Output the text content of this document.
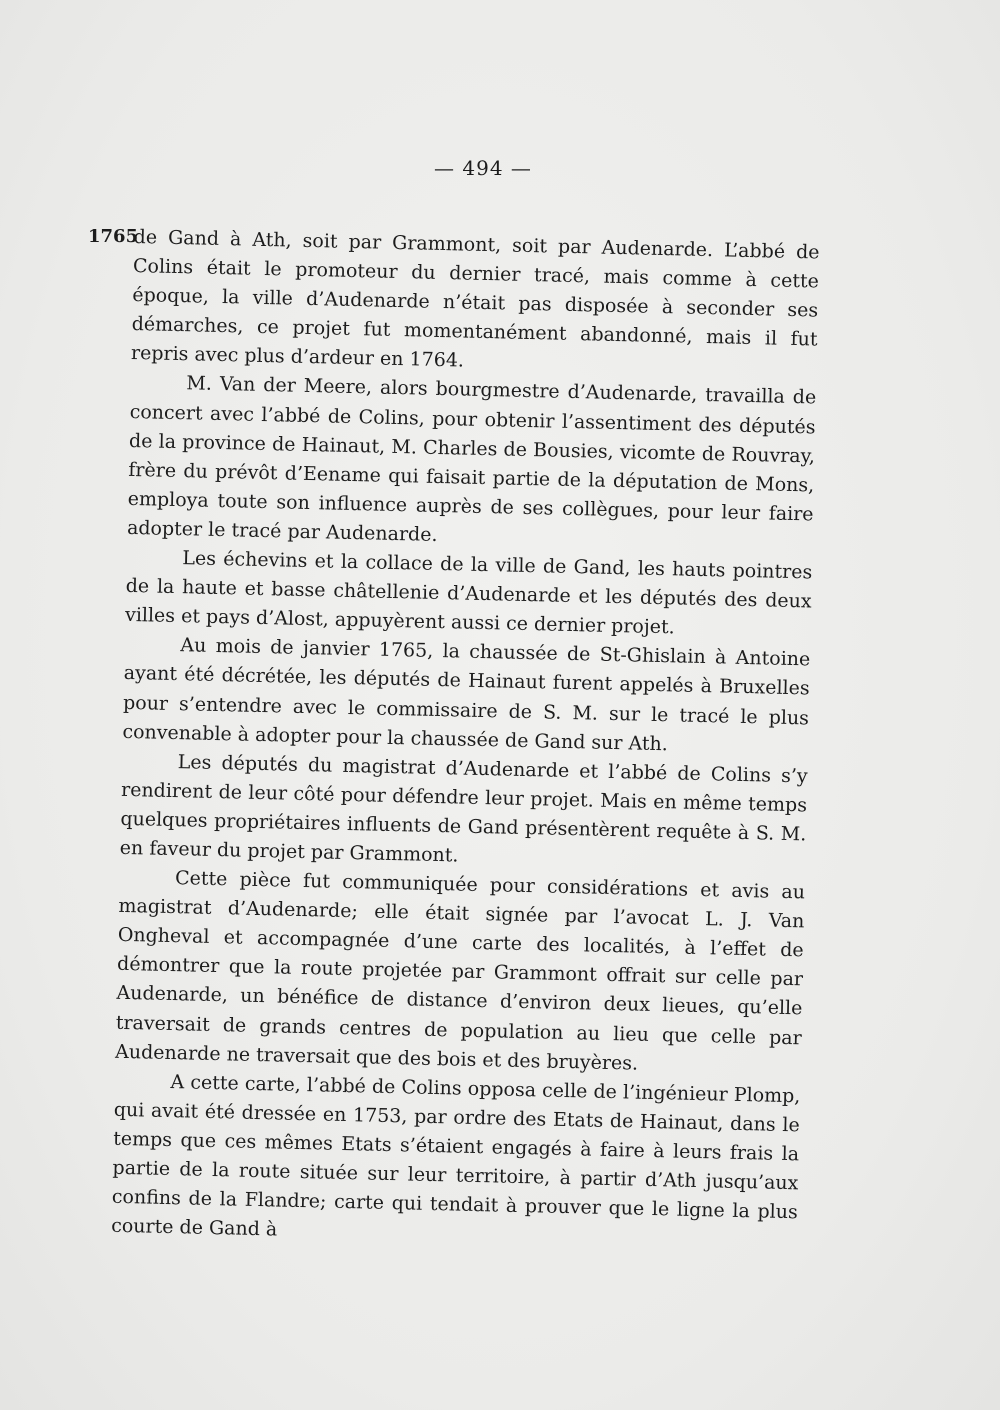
— 494 —
1765

de Gand à Ath, soit par Grammont, soit par Audenarde. L’abbé de Colins était le promoteur du dernier tracé, mais comme à cette époque, la ville d’Audenarde n’était pas disposée à seconder ses démarches, ce projet fut momentanément abandonné, mais il fut repris avec plus d’ardeur en 1764.

M. Van der Meere, alors bourgmestre d’Audenarde, travailla de concert avec l’abbé de Colins, pour obtenir l’assentiment des députés de la province de Hainaut, M. Charles de Bousies, vicomte de Rouvray, frère du prévôt d’Eename qui faisait partie de la députation de Mons, employa toute son influence auprès de ses collègues, pour leur faire adopter le tracé par Audenarde.

Les échevins et la collace de la ville de Gand, les hauts pointres de la haute et basse châtellenie d’Audenarde et les députés des deux villes et pays d’Alost, appuyèrent aussi ce dernier projet.

Au mois de janvier 1765, la chaussée de St-Ghislain à Antoine ayant été décrétée, les députés de Hainaut furent appelés à Bruxelles pour s’entendre avec le commissaire de S. M. sur le tracé le plus convenable à adopter pour la chaussée de Gand sur Ath.

Les députés du magistrat d’Audenarde et l’abbé de Colins s’y rendirent de leur côté pour défendre leur projet. Mais en même temps quelques propriétaires influents de Gand présentèrent requête à S. M. en faveur du projet par Grammont.

Cette pièce fut communiquée pour considérations et avis au magistrat d’Audenarde; elle était signée par l’avocat L. J. Van Ongheval et accompagnée d’une carte des localités, à l’effet de démontrer que la route projetée par Grammont offrait sur celle par Audenarde, un bénéfice de distance d’environ deux lieues, qu’elle traversait de grands centres de population au lieu que celle par Audenarde ne traversait que des bois et des bruyères.

A cette carte, l’abbé de Colins opposa celle de l’ingénieur Plomp, qui avait été dressée en 1753, par ordre des Etats de Hainaut, dans le temps que ces mêmes Etats s’étaient engagés à faire à leurs frais la partie de la route située sur leur territoire, à partir d’Ath jusqu’aux confins de la Flandre; carte qui tendait à prouver que le ligne la plus courte de Gand à
